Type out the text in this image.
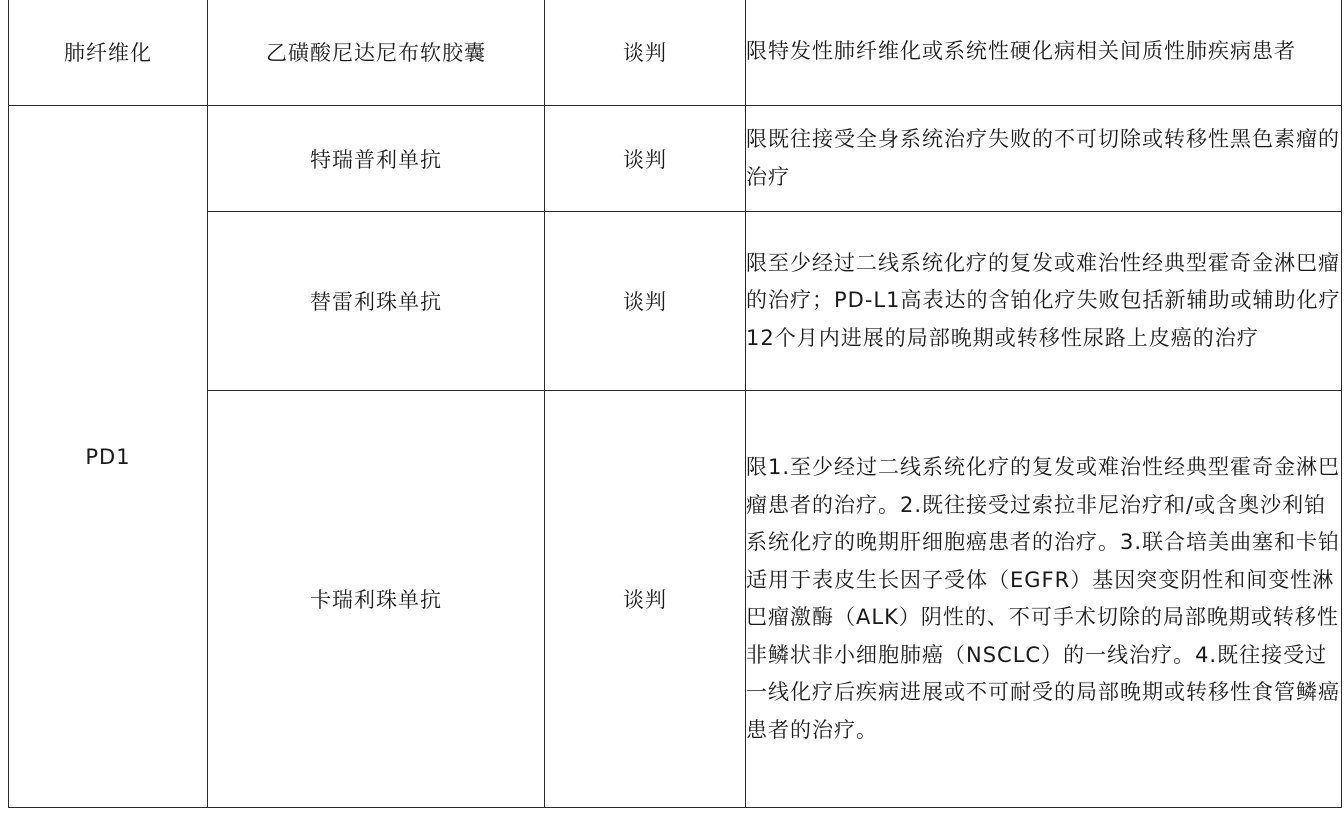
肺纤维化	乙磺酸尼达尼布软胶囊	谈判	限特发性肺纤维化或系统性硬化病相关间质性肺疾病患者

PD1	特瑞普利单抗	谈判	限既往接受全身系统治疗失败的不可切除或转移性黑色素瘤的治疗

	替雷利珠单抗	谈判	限至少经过二线系统化疗的复发或难治性经典型霍奇金淋巴瘤的治疗；PD-L1高表达的含铂化疗失败包括新辅助或辅助化疗12个月内进展的局部晚期或转移性尿路上皮癌的治疗

	卡瑞利珠单抗	谈判	限1.至少经过二线系统化疗的复发或难治性经典型霍奇金淋巴瘤患者的治疗。2.既往接受过索拉非尼治疗和/或含奥沙利铂系统化疗的晚期肝细胞癌患者的治疗。3.联合培美曲塞和卡铂适用于表皮生长因子受体（EGFR）基因突变阴性和间变性淋巴瘤激酶（ALK）阴性的、不可手术切除的局部晚期或转移性非鳞状非小细胞肺癌（NSCLC）的一线治疗。4.既往接受过一线化疗后疾病进展或不可耐受的局部晚期或转移性食管鳞癌患者的治疗。
